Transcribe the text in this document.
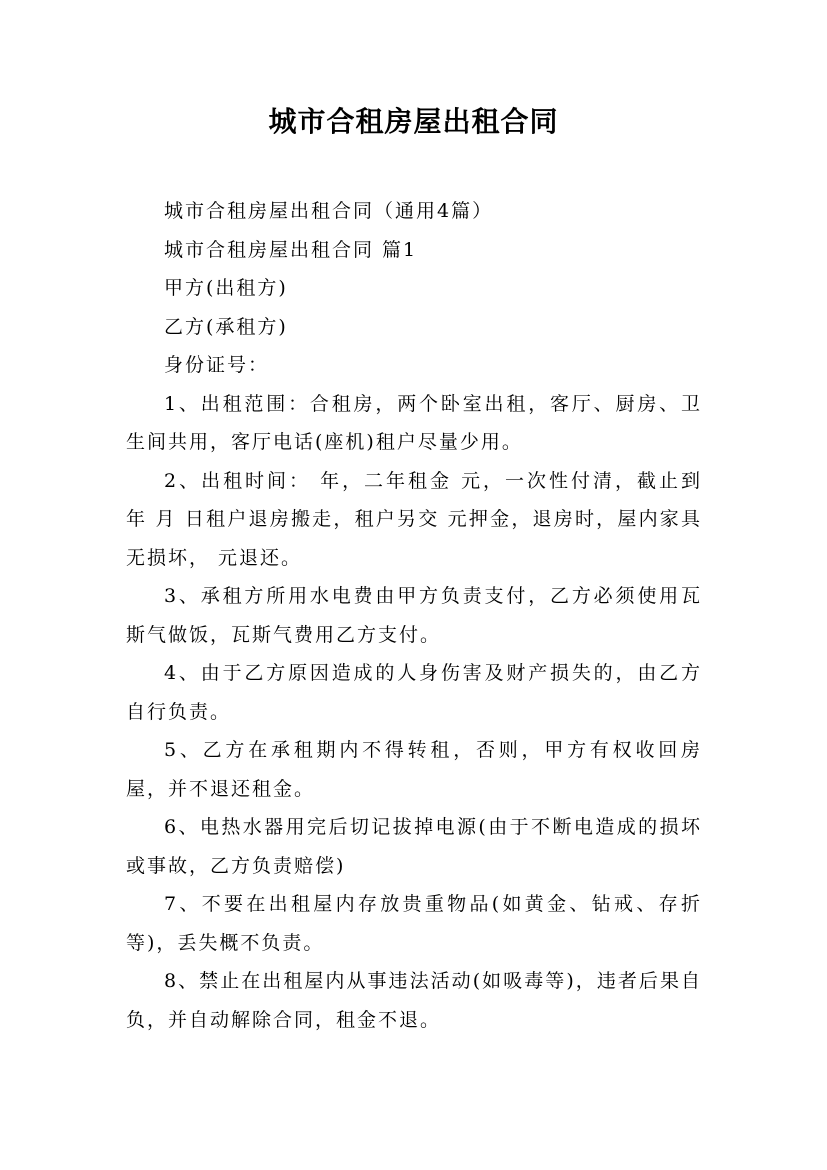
城市合租房屋出租合同

城市合租房屋出租合同（通用4篇）

城市合租房屋出租合同 篇1

甲方(出租方)

乙方(承租方)

身份证号：

1、出租范围：合租房，两个卧室出租，客厅、厨房、卫生间共用，客厅电话(座机)租户尽量少用。

2、出租时间： 年，二年租金 元，一次性付清，截止到 年 月 日租户退房搬走，租户另交 元押金，退房时，屋内家具无损坏， 元退还。

3、承租方所用水电费由甲方负责支付，乙方必须使用瓦斯气做饭，瓦斯气费用乙方支付。

4、由于乙方原因造成的人身伤害及财产损失的，由乙方自行负责。

5、乙方在承租期内不得转租，否则，甲方有权收回房屋，并不退还租金。

6、电热水器用完后切记拔掉电源(由于不断电造成的损坏或事故，乙方负责赔偿)

7、不要在出租屋内存放贵重物品(如黄金、钻戒、存折等)，丢失概不负责。

8、禁止在出租屋内从事违法活动(如吸毒等)，违者后果自负，并自动解除合同，租金不退。
